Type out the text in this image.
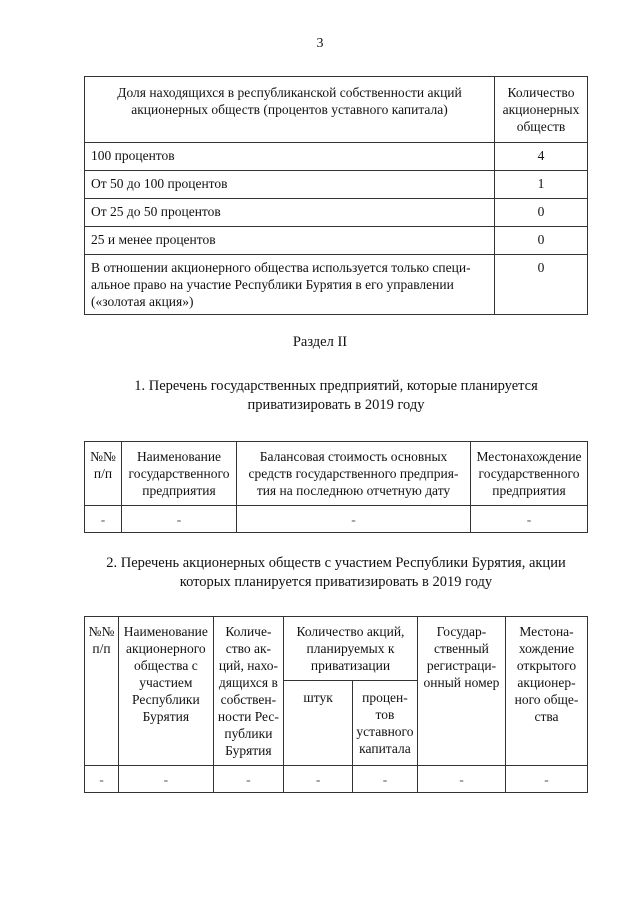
3
Доля находящихся в республиканской собственности акций акционерных обществ (процентов уставного капитала)	Количество акционерных обществ
100 процентов	4
От 50 до 100 процентов	1
От 25 до 50 процентов	0
25 и менее процентов	0
В отношении акционерного общества используется только специ-альное право на участие Республики Бурятия в его управлении («золотая акция»)	0
Раздел II
1. Перечень государственных предприятий, которые планируется приватизировать в 2019 году
№№ п/п	Наименование государственного предприятия	Балансовая стоимость основных средств государственного предприя-тия на последнюю отчетную дату	Местонахождение государственного предприятия
-	-	-	-
2. Перечень акционерных обществ с участием Республики Бурятия, акции которых планируется приватизировать в 2019 году
№№ п/п	Наименование акционерного общества с участием Республики Бурятия	Количе-ство ак-ций, нахо-дящихся в собствен-ности Рес-публики Бурятия	Количество акций, планируемых к приватизации		Государ-ственный регистраци-онный номер	Местона-хождение открытого акционер-ного обще-ства
			штук	процен-тов уставного капитала		
-	-	-	-	-	-	-
